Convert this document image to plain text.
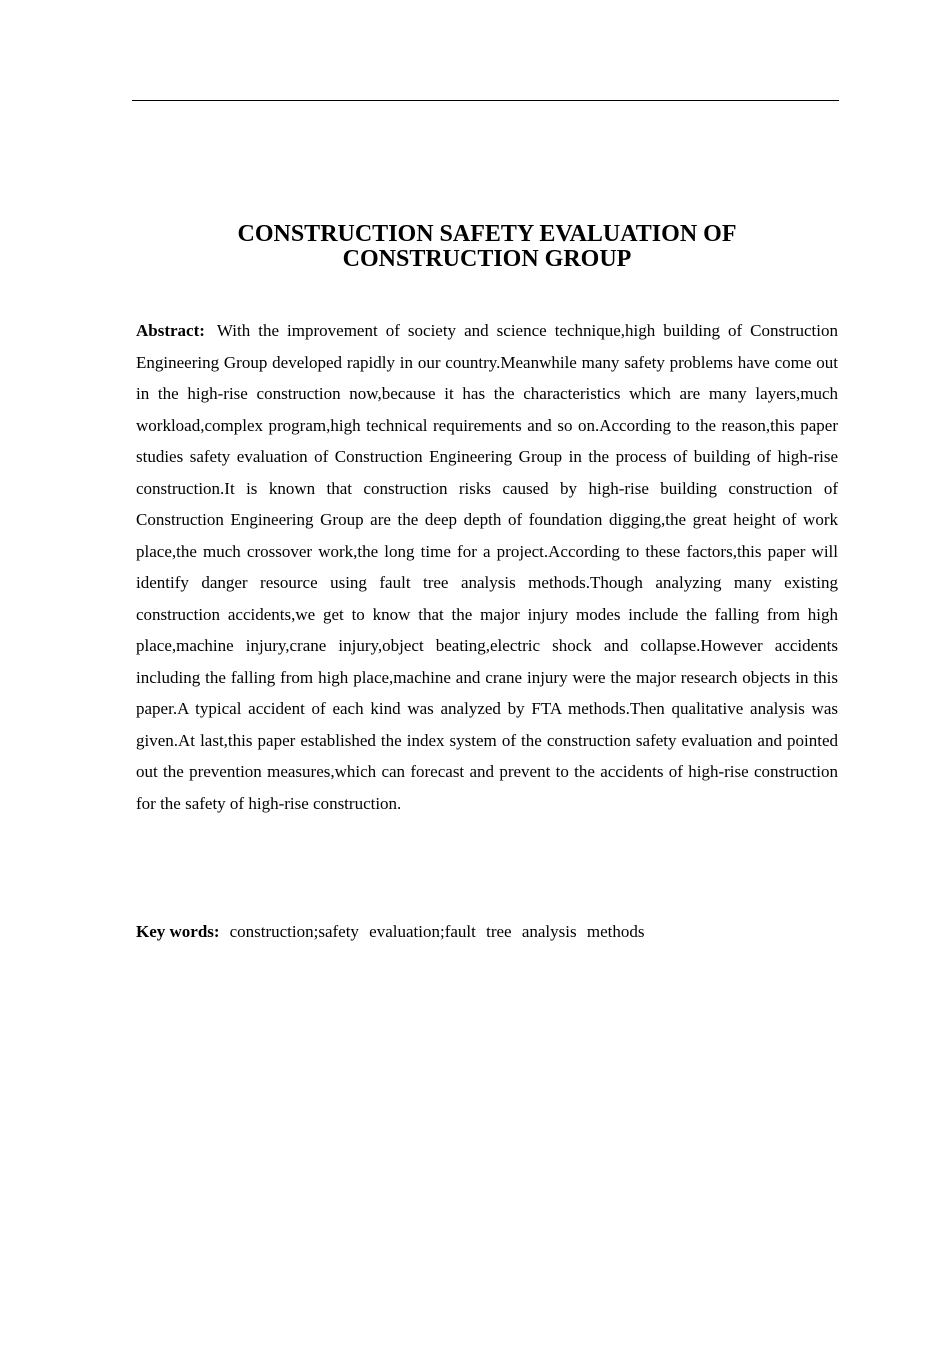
CONSTRUCTION SAFETY EVALUATION OF
CONSTRUCTION GROUP

Abstract: With the improvement of society and science technique,high building of Construction Engineering Group developed rapidly in our country.Meanwhile many safety problems have come out in the high-rise construction now,because it has the characteristics which are many layers,much workload,complex program,high technical requirements and so on.According to the reason,this paper studies safety evaluation of Construction Engineering Group in the process of building of high-rise construction.It is known that construction risks caused by high-rise building construction of Construction Engineering Group are the deep depth of foundation digging,the great height of work place,the much crossover work,the long time for a project.According to these factors,this paper will identify danger resource using fault tree analysis methods.Though analyzing many existing construction accidents,we get to know that the major injury modes include the falling from high place,machine injury,crane injury,object beating,electric shock and collapse.However accidents including the falling from high place,machine and crane injury were the major research objects in this paper.A typical accident of each kind was analyzed by FTA methods.Then qualitative analysis was given.At last,this paper established the index system of the construction safety evaluation and pointed out the prevention measures,which can forecast and prevent to the accidents of high-rise construction for the safety of high-rise construction.

Key words: construction;safety evaluation;fault tree analysis methods
